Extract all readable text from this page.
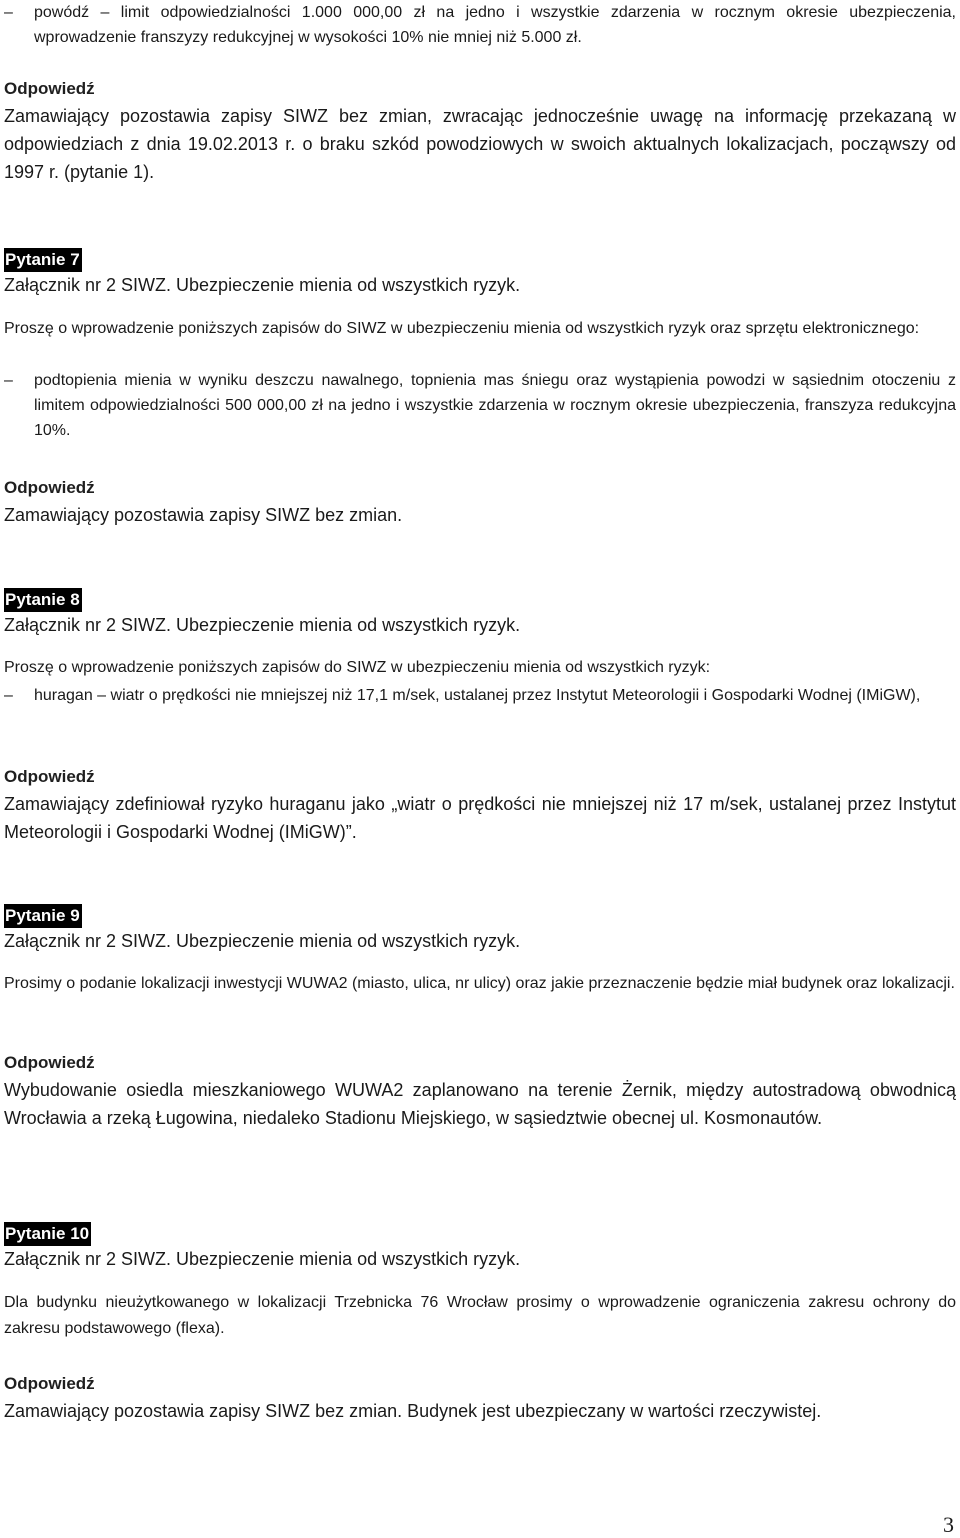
– powódź – limit odpowiedzialności 1.000 000,00 zł na jedno i wszystkie zdarzenia w rocznym okresie ubezpieczenia, wprowadzenie franszyzy redukcyjnej w wysokości 10% nie mniej niż 5.000 zł.
Odpowiedź
Zamawiający pozostawia zapisy SIWZ bez zmian, zwracając jednocześnie uwagę na informację przekazaną w odpowiedziach z dnia 19.02.2013 r. o braku szkód powodziowych w swoich aktualnych lokalizacjach, począwszy od 1997 r. (pytanie 1).
Pytanie 7
Załącznik nr 2 SIWZ. Ubezpieczenie mienia od wszystkich ryzyk.
Proszę o wprowadzenie poniższych zapisów do SIWZ w ubezpieczeniu mienia od wszystkich ryzyk oraz sprzętu elektronicznego:
– podtopienia mienia w wyniku deszczu nawalnego, topnienia mas śniegu oraz wystąpienia powodzi w sąsiednim otoczeniu z limitem odpowiedzialności 500 000,00 zł na jedno i wszystkie zdarzenia w rocznym okresie ubezpieczenia, franszyza redukcyjna 10%.
Odpowiedź
Zamawiający pozostawia zapisy SIWZ bez zmian.
Pytanie 8
Załącznik nr 2 SIWZ. Ubezpieczenie mienia od wszystkich ryzyk.
Proszę o wprowadzenie poniższych zapisów do SIWZ w ubezpieczeniu mienia od wszystkich ryzyk:
– huragan – wiatr o prędkości nie mniejszej niż 17,1 m/sek, ustalanej przez Instytut Meteorologii i Gospodarki Wodnej (IMiGW),
Odpowiedź
Zamawiający zdefiniował ryzyko huraganu jako „wiatr o prędkości nie mniejszej niż 17 m/sek, ustalanej przez Instytut Meteorologii i Gospodarki Wodnej (IMiGW)”.
Pytanie 9
Załącznik nr 2 SIWZ. Ubezpieczenie mienia od wszystkich ryzyk.
Prosimy o podanie lokalizacji inwestycji WUWA2 (miasto, ulica, nr ulicy) oraz jakie przeznaczenie będzie miał budynek oraz lokalizacji.
Odpowiedź
Wybudowanie osiedla mieszkaniowego WUWA2 zaplanowano na terenie Żernik, między autostradową obwodnicą Wrocławia a rzeką Ługowina, niedaleko Stadionu Miejskiego, w sąsiedztwie obecnej ul. Kosmonautów.
Pytanie 10
Załącznik nr 2 SIWZ. Ubezpieczenie mienia od wszystkich ryzyk.
Dla budynku nieużytkowanego w lokalizacji Trzebnicka 76 Wrocław prosimy o wprowadzenie ograniczenia zakresu ochrony do zakresu podstawowego (flexa).
Odpowiedź
Zamawiający pozostawia zapisy SIWZ bez zmian. Budynek jest ubezpieczany w wartości rzeczywistej.
3
